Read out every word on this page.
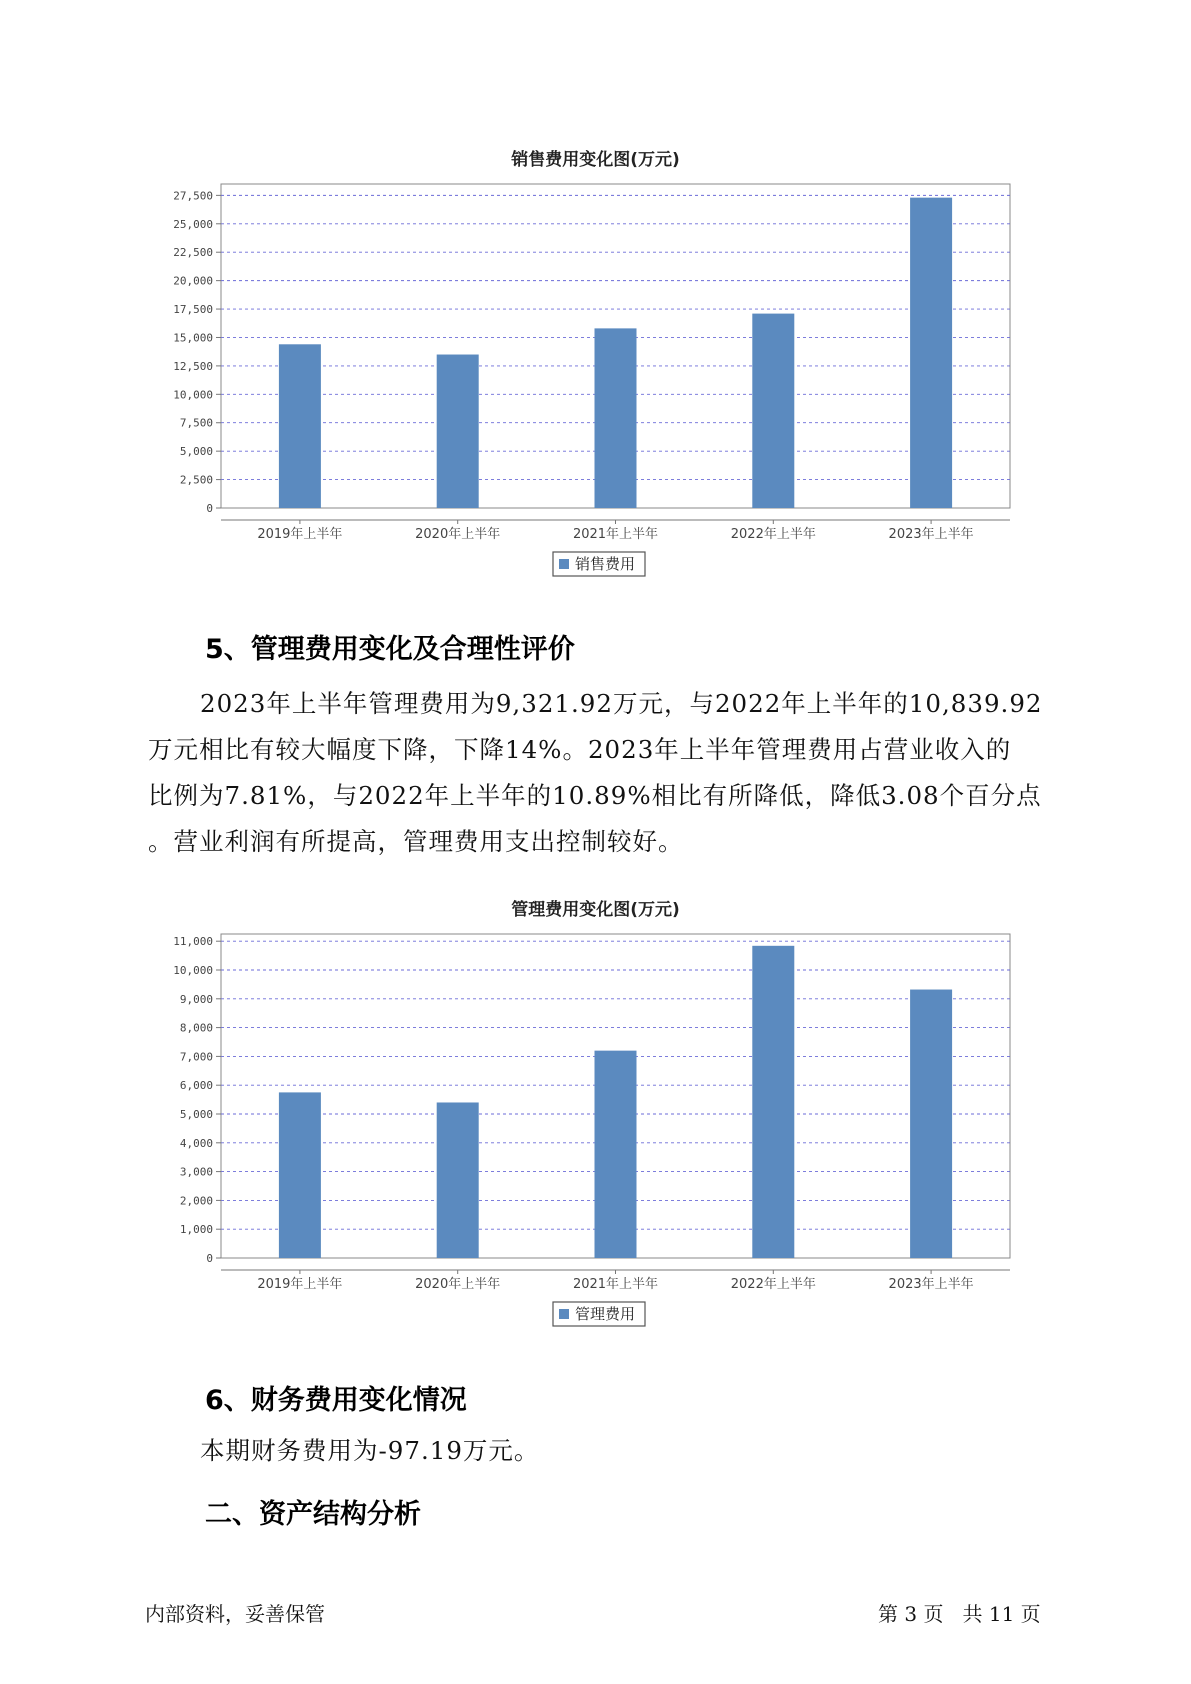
销售费用变化图(万元)
0
2,500
5,000
7,500
10,000
12,500
15,000
17,500
20,000
22,500
25,000
27,500
2019年上半年	2020年上半年	2021年上半年	2022年上半年	2023年上半年
销售费用
5、管理费用变化及合理性评价
2023年上半年管理费用为9,321.92万元，与2022年上半年的10,839.92
万元相比有较大幅度下降，下降14%。2023年上半年管理费用占营业收入的
比例为7.81%，与2022年上半年的10.89%相比有所降低，降低3.08个百分点
。营业利润有所提高，管理费用支出控制较好。
管理费用变化图(万元)
0
1,000
2,000
3,000
4,000
5,000
6,000
7,000
8,000
9,000
10,000
11,000
2019年上半年	2020年上半年	2021年上半年	2022年上半年	2023年上半年
管理费用
6、财务费用变化情况
本期财务费用为-97.19万元。
二、资产结构分析
内部资料，妥善保管	第 3 页   共 11 页
